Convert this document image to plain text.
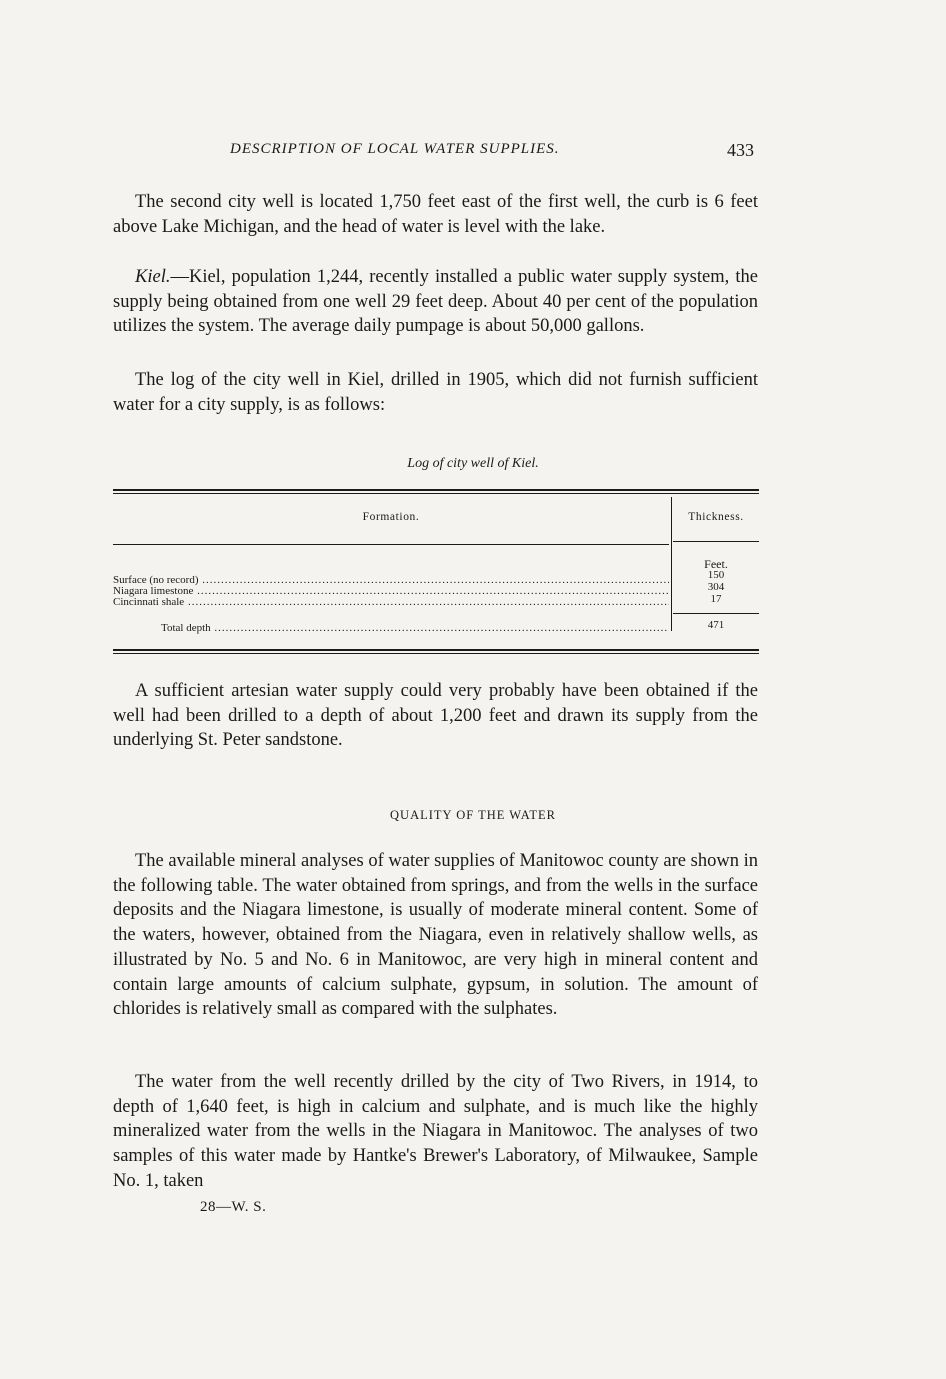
DESCRIPTION OF LOCAL WATER SUPPLIES.	433

The second city well is located 1,750 feet east of the first well, the curb is 6 feet above Lake Michigan, and the head of water is level with the lake.

Kiel.—Kiel, population 1,244, recently installed a public water supply system, the supply being obtained from one well 29 feet deep. About 40 per cent of the population utilizes the system. The average daily pumpage is about 50,000 gallons.

The log of the city well in Kiel, drilled in 1905, which did not furnish sufficient water for a city supply, is as follows:

Log of city well of Kiel.
Formation.	Thickness.
Feet.
Surface (no record) .....	150
Niagara limestone .....	304
Cincinnati shale .....	17
Total depth .....	471

A sufficient artesian water supply could very probably have been obtained if the well had been drilled to a depth of about 1,200 feet and drawn its supply from the underlying St. Peter sandstone.

QUALITY OF THE WATER

The available mineral analyses of water supplies of Manitowoc county are shown in the following table. The water obtained from springs, and from the wells in the surface deposits and the Niagara limestone, is usually of moderate mineral content. Some of the waters, however, obtained from the Niagara, even in relatively shallow wells, as illustrated by No. 5 and No. 6 in Manitowoc, are very high in mineral content and contain large amounts of calcium sulphate, gypsum, in solution. The amount of chlorides is relatively small as compared with the sulphates.

The water from the well recently drilled by the city of Two Rivers, in 1914, to depth of 1,640 feet, is high in calcium and sulphate, and is much like the highly mineralized water from the wells in the Niagara in Manitowoc. The analyses of two samples of this water made by Hantke's Brewer's Laboratory, of Milwaukee, Sample No. 1, taken

28—W. S.
